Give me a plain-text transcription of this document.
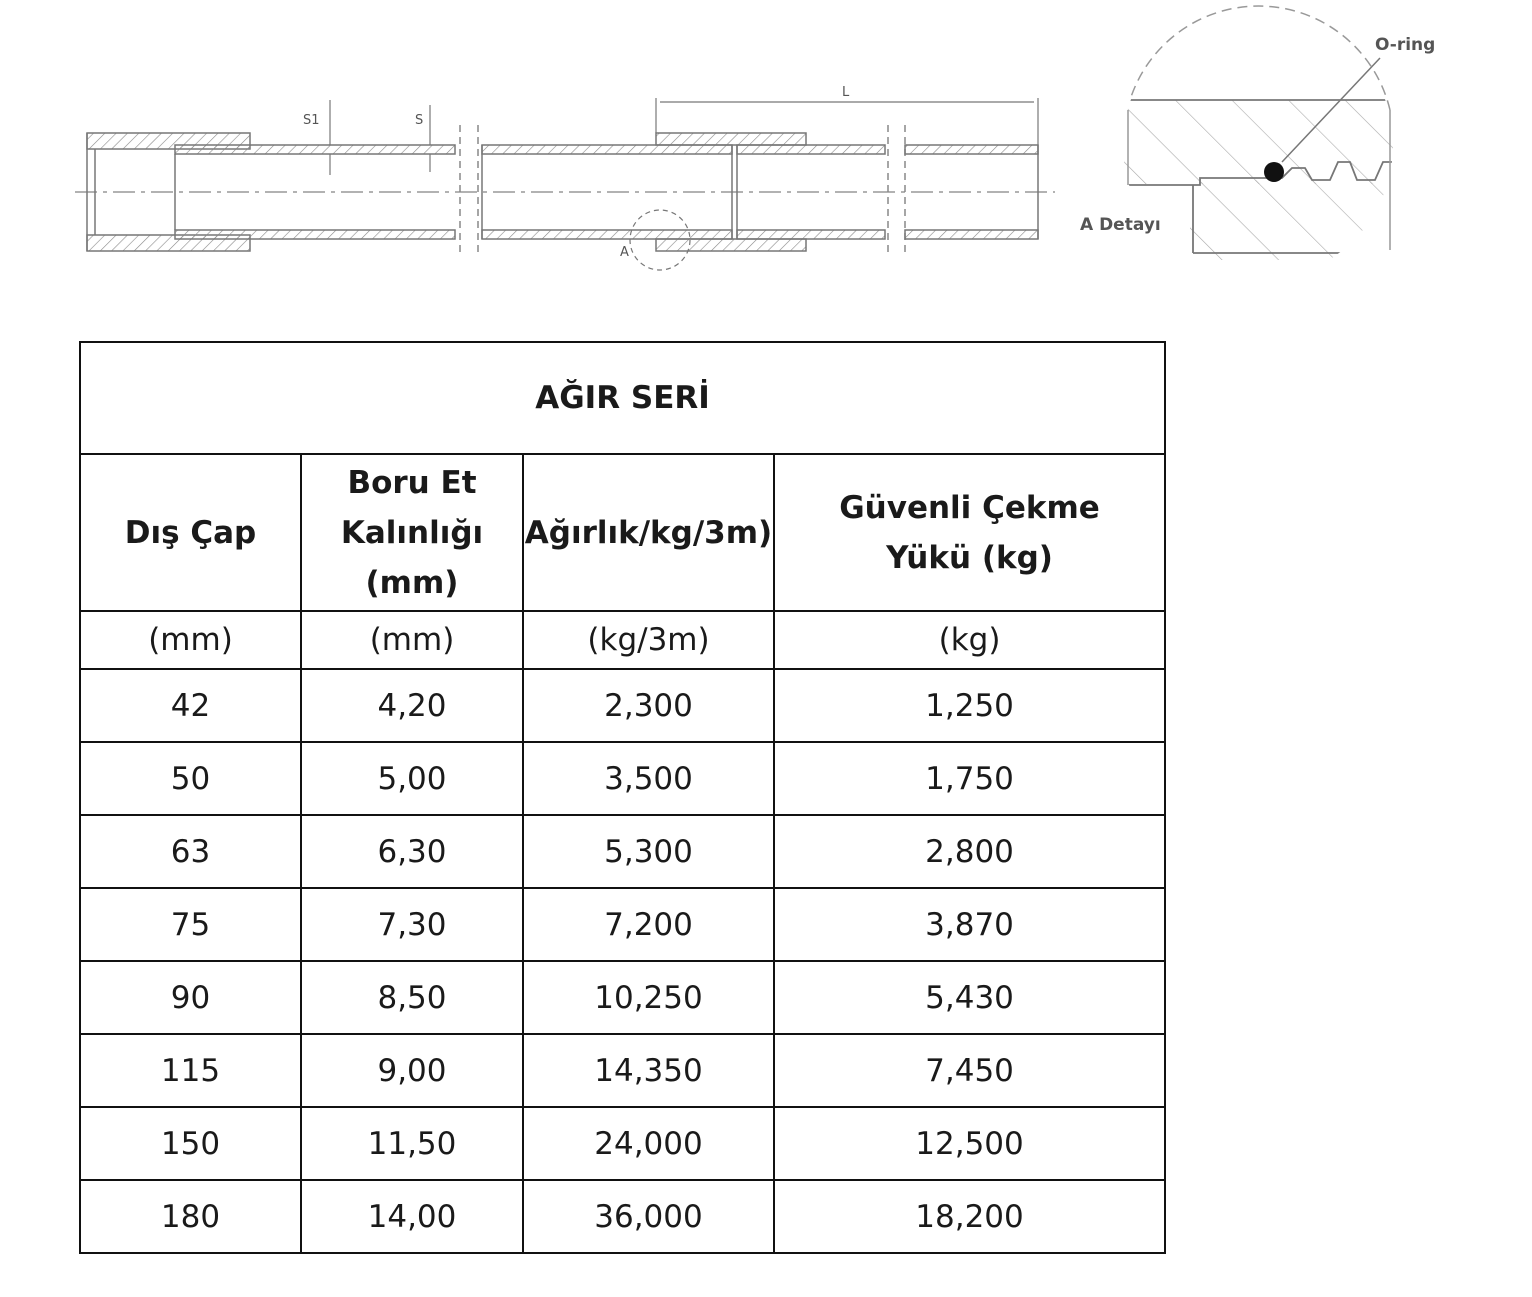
S1	S
L
A
O-ring
A Detayı
AĞIR SERİ			
Dış Çap	Boru Et Kalınlığı (mm)	Ağırlık/kg/3m)	Güvenli Çekme Yükü (kg)
(mm)	(mm)	(kg/3m)	(kg)
42	4,20	2,300	1,250
50	5,00	3,500	1,750
63	6,30	5,300	2,800
75	7,30	7,200	3,870
90	8,50	10,250	5,430
115	9,00	14,350	7,450
150	11,50	24,000	12,500
180	14,00	36,000	18,200
